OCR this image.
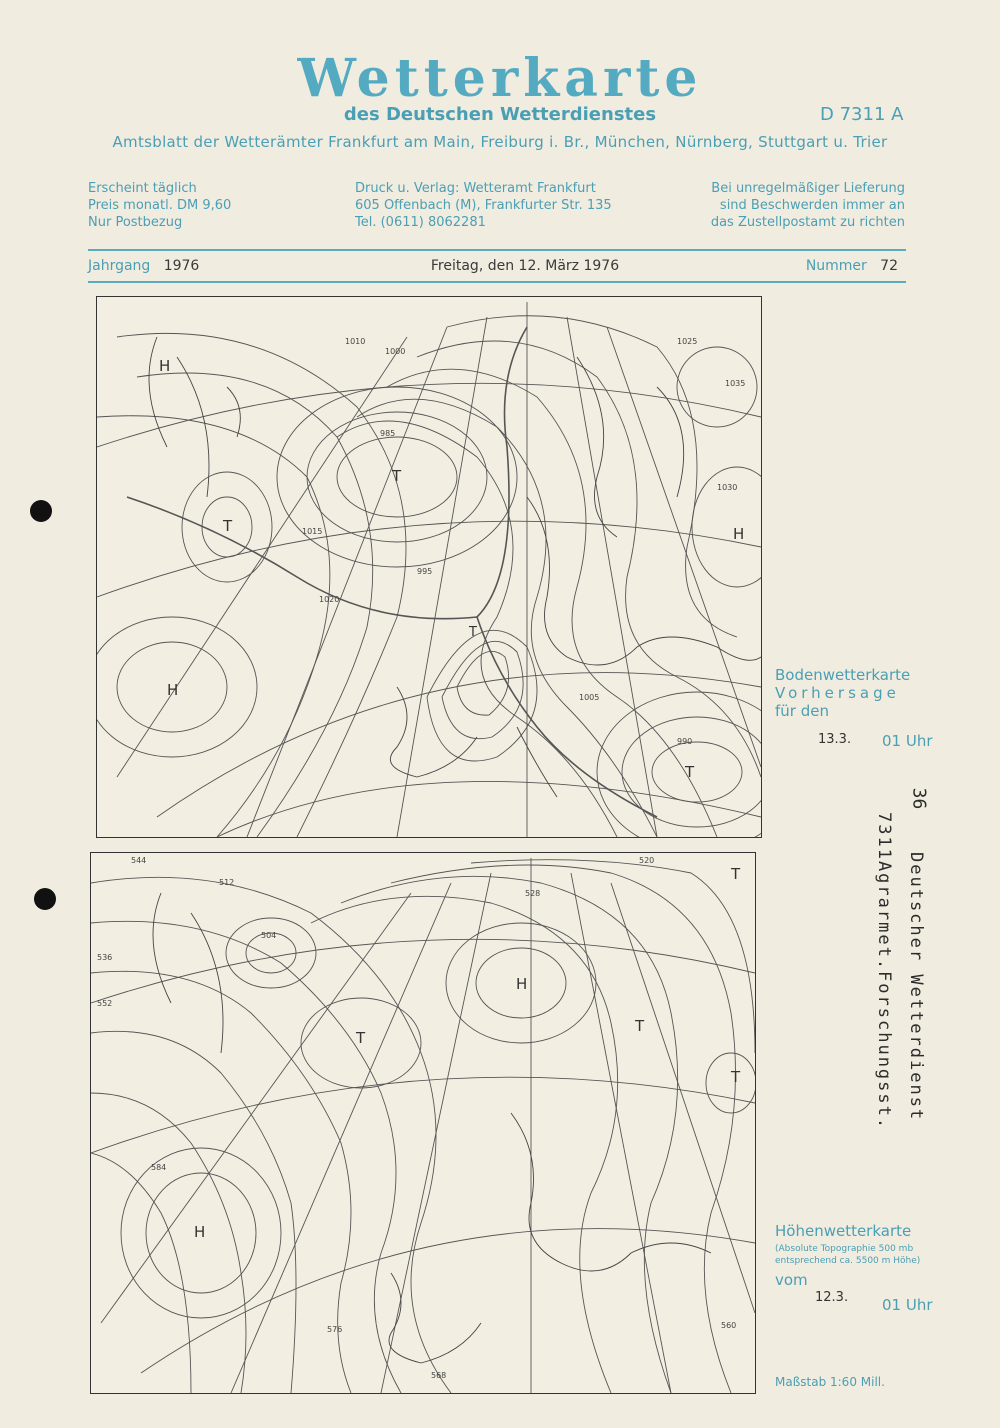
Wetterkarte
des Deutschen Wetterdienstes	D 7311 A
Amtsblatt der Wetterämter Frankfurt am Main, Freiburg i. Br., München, Nürnberg, Stuttgart u. Trier
Erscheint täglich
Preis monatl. DM 9,60
Nur Postbezug
Druck u. Verlag: Wetteramt Frankfurt
605 Offenbach (M), Frankfurter Str. 135
Tel. (0611) 8062281
Bei unregelmäßiger Lieferung
sind Beschwerden immer an
das Zustellpostamt zu richten
Jahrgang 1976	Freitag, den 12. März 1976	Nummer 72
H
T
T
T
H
H
T
1010
1000
995
1015
1020
1025
1030
1035
1005
990
985
T
H
T
H
T
T
544	520
512
504
528
536
552
560
568
576
584
Bodenwetterkarte
Vorhersage
für den
13.3. 01 Uhr
Höhenwetterkarte
(Absolute Topographie 500 mb
entsprechend ca. 5500 m Höhe)
vom
12.3. 01 Uhr
Maßstab 1:60 Mill.
36
7311Agrarmet.Forschungsst. Deutscher Wetterdienst
